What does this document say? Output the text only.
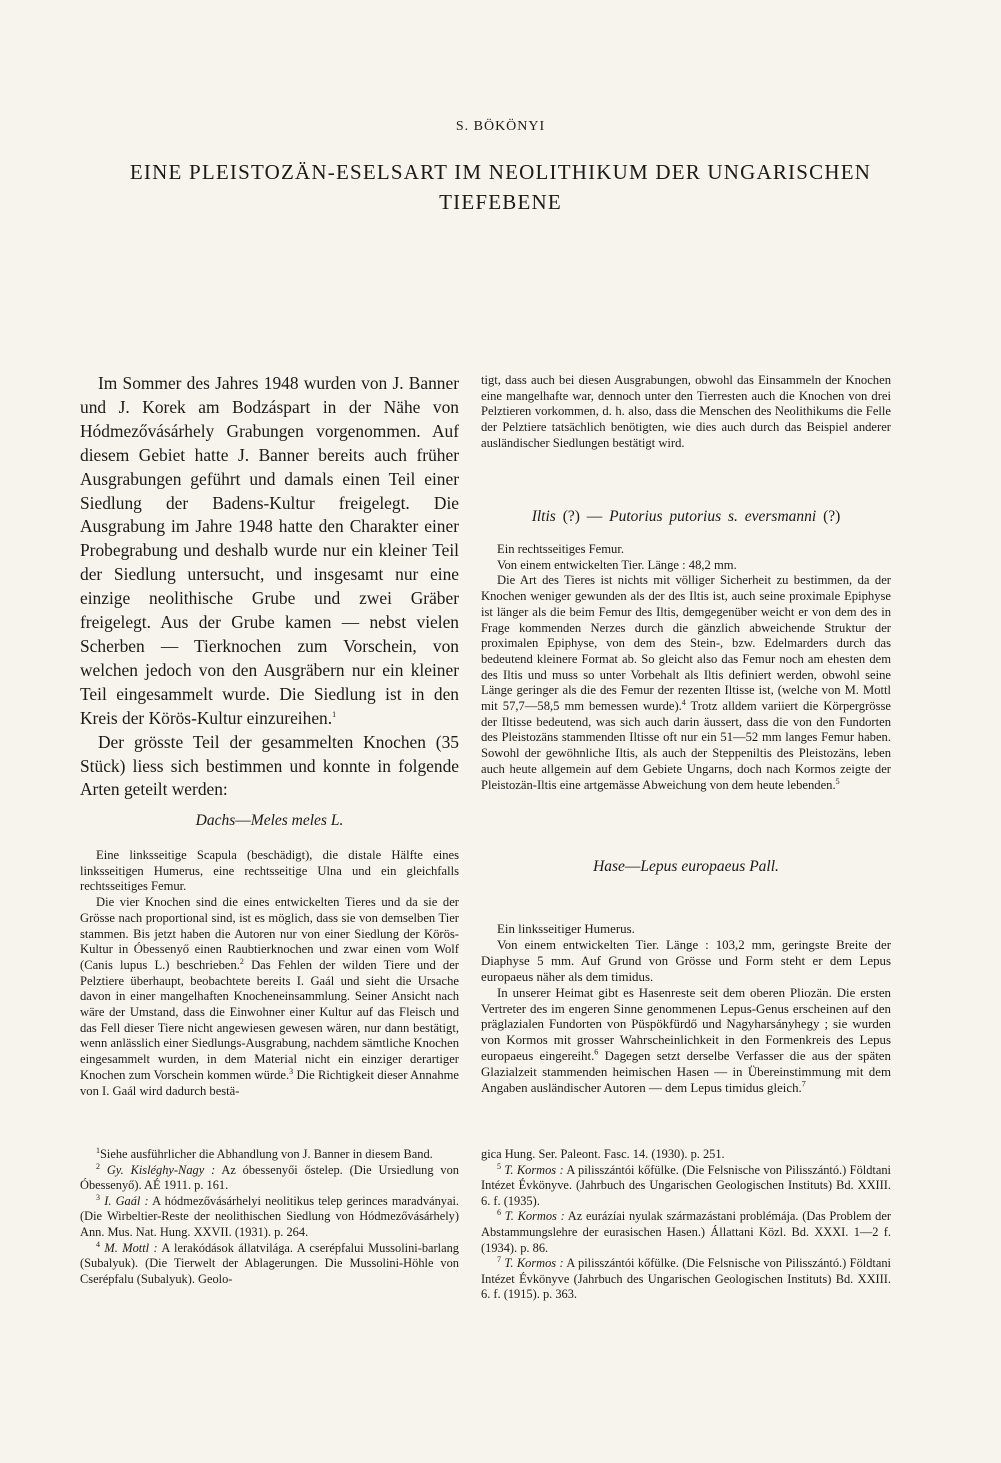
S. BÖKÖNYI
EINE PLEISTOZÄN-ESELSART IM NEOLITHIKUM DER UNGARISCHEN
TIEFEBENE

Im Sommer des Jahres 1948 wurden von J. Banner und J. Korek am Bodzáspart in der Nähe von Hódmezővásárhely Grabungen vorgenommen. Auf diesem Gebiet hatte J. Banner bereits auch früher Ausgrabungen geführt und damals einen Teil einer Siedlung der Badens-Kultur freigelegt. Die Ausgrabung im Jahre 1948 hatte den Charakter einer Probegrabung und deshalb wurde nur ein kleiner Teil der Siedlung untersucht, und insgesamt nur eine einzige neolithische Grube und zwei Gräber freigelegt. Aus der Grube kamen — nebst vielen Scherben — Tierknochen zum Vorschein, von welchen jedoch von den Ausgräbern nur ein kleiner Teil eingesammelt wurde. Die Siedlung ist in den Kreis der Körös-Kultur einzureihen.$^1$

Der grösste Teil der gesammelten Knochen (35 Stück) liess sich bestimmen und konnte in folgende Arten geteilt werden:

Dachs—Meles meles L.

Eine linksseitige Scapula (beschädigt), die distale Hälfte eines linksseitigen Humerus, eine rechtsseitige Ulna und ein gleichfalls rechtsseitiges Femur.

Die vier Knochen sind die eines entwickelten Tieres und da sie der Grösse nach proportional sind, ist es möglich, dass sie von demselben Tier stammen. Bis jetzt haben die Autoren nur von einer Siedlung der Körös-Kultur in Óbessenyő einen Raubtierknochen und zwar einen vom Wolf (Canis lupus L.) beschrieben.$^2$ Das Fehlen der wilden Tiere und der Pelztiere überhaupt, beobachtete bereits I. Gaál und sieht die Ursache davon in einer mangelhaften Knocheneinsammlung. Seiner Ansicht nach wäre der Umstand, dass die Einwohner einer Kultur auf das Fleisch und das Fell dieser Tiere nicht angewiesen gewesen wären, nur dann bestätigt, wenn anlässlich einer Siedlungs-Ausgrabung, nachdem sämtliche Knochen eingesammelt wurden, in dem Material nicht ein einziger derartiger Knochen zum Vorschein kommen würde.$^3$ Die Richtigkeit dieser Annahme von I. Gaál wird dadurch bestä-

tigt, dass auch bei diesen Ausgrabungen, obwohl das Einsammeln der Knochen eine mangelhafte war, dennoch unter den Tierresten auch die Knochen von drei Pelztieren vorkommen, d. h. also, dass die Menschen des Neolithikums die Felle der Pelztiere tatsächlich benötigten, wie dies auch durch das Beispiel anderer ausländischer Siedlungen bestätigt wird.

Iltis (?) — Putorius putorius s. eversmanni (?)

Ein rechtsseitiges Femur.

Von einem entwickelten Tier. Länge : 48,2 mm.

Die Art des Tieres ist nichts mit völliger Sicherheit zu bestimmen, da der Knochen weniger gewunden als der des Iltis ist, auch seine proximale Epiphyse ist länger als die beim Femur des Iltis, demgegenüber weicht er von dem des in Frage kommenden Nerzes durch die gänzlich abweichende Struktur der proximalen Epiphyse, von dem des Stein-, bzw. Edelmarders durch das bedeutend kleinere Format ab. So gleicht also das Femur noch am ehesten dem des Iltis und muss so unter Vorbehalt als Iltis definiert werden, obwohl seine Länge geringer als die des Femur der rezenten Iltisse ist, (welche von M. Mottl mit 57,7—58,5 mm bemessen wurde).$^4$ Trotz alldem variiert die Körpergrösse der Iltisse bedeutend, was sich auch darin äussert, dass die von den Fundorten des Pleistozäns stammenden Iltisse oft nur ein 51—52 mm langes Femur haben. Sowohl der gewöhnliche Iltis, als auch der Steppeniltis des Pleistozäns, leben auch heute allgemein auf dem Gebiete Ungarns, doch nach Kormos zeigte der Pleistozän-Iltis eine artgemässe Abweichung von dem heute lebenden.$^5$

Hase—Lepus europaeus Pall.

Ein linksseitiger Humerus.

Von einem entwickelten Tier. Länge : 103,2 mm, geringste Breite der Diaphyse 5 mm. Auf Grund von Grösse und Form steht er dem Lepus europaeus näher als dem timidus.

In unserer Heimat gibt es Hasenreste seit dem oberen Pliozän. Die ersten Vertreter des im engeren Sinne genommenen Lepus-Genus erscheinen auf den präglazialen Fundorten von Püspökfürdő und Nagyharsányhegy ; sie wurden von Kormos mit grosser Wahrscheinlichkeit in den Formenkreis des Lepus europaeus eingereiht.$^6$ Dagegen setzt derselbe Verfasser die aus der späten Glazialzeit stammenden heimischen Hasen — in Übereinstimmung mit dem Angaben ausländischer Autoren — dem Lepus timidus gleich.$^7$

$^1$Siehe ausführlicher die Abhandlung von J. Banner in diesem Band.

$^2$ Gy. Kisléghy-Nagy : Az óbessenyői őstelep. (Die Ursiedlung von Óbessenyő). AÉ 1911. p. 161.

$^3$ I. Gaál : A hódmezővásárhelyi neolitikus telep gerinces maradványai. (Die Wirbeltier-Reste der neolithischen Siedlung von Hódmezővásárhely) Ann. Mus. Nat. Hung. XXVII. (1931). p. 264.

$^4$ M. Mottl : A lerakódások állatvilága. A cserépfalui Mussolini-barlang (Subalyuk). (Die Tierwelt der Ablagerungen. Die Mussolini-Höhle von Cserépfalu (Subalyuk). Geolo-

gica Hung. Ser. Paleont. Fasc. 14. (1930). p. 251.

$^5$ T. Kormos : A pilisszántói kőfülke. (Die Felsnische von Pilisszántó.) Földtani Intézet Évkönyve. (Jahrbuch des Ungarischen Geologischen Instituts) Bd. XXIII. 6. f. (1935).

$^6$ T. Kormos : Az eurázíai nyulak származástani problémája. (Das Problem der Abstammungslehre der eurasischen Hasen.) Állattani Közl. Bd. XXXI. 1—2 f. (1934). p. 86.

$^7$ T. Kormos : A pilisszántói kőfülke. (Die Felsnische von Pilisszántó.) Földtani Intézet Évkönyve (Jahrbuch des Ungarischen Geologischen Instituts) Bd. XXIII. 6. f. (1915). p. 363.
